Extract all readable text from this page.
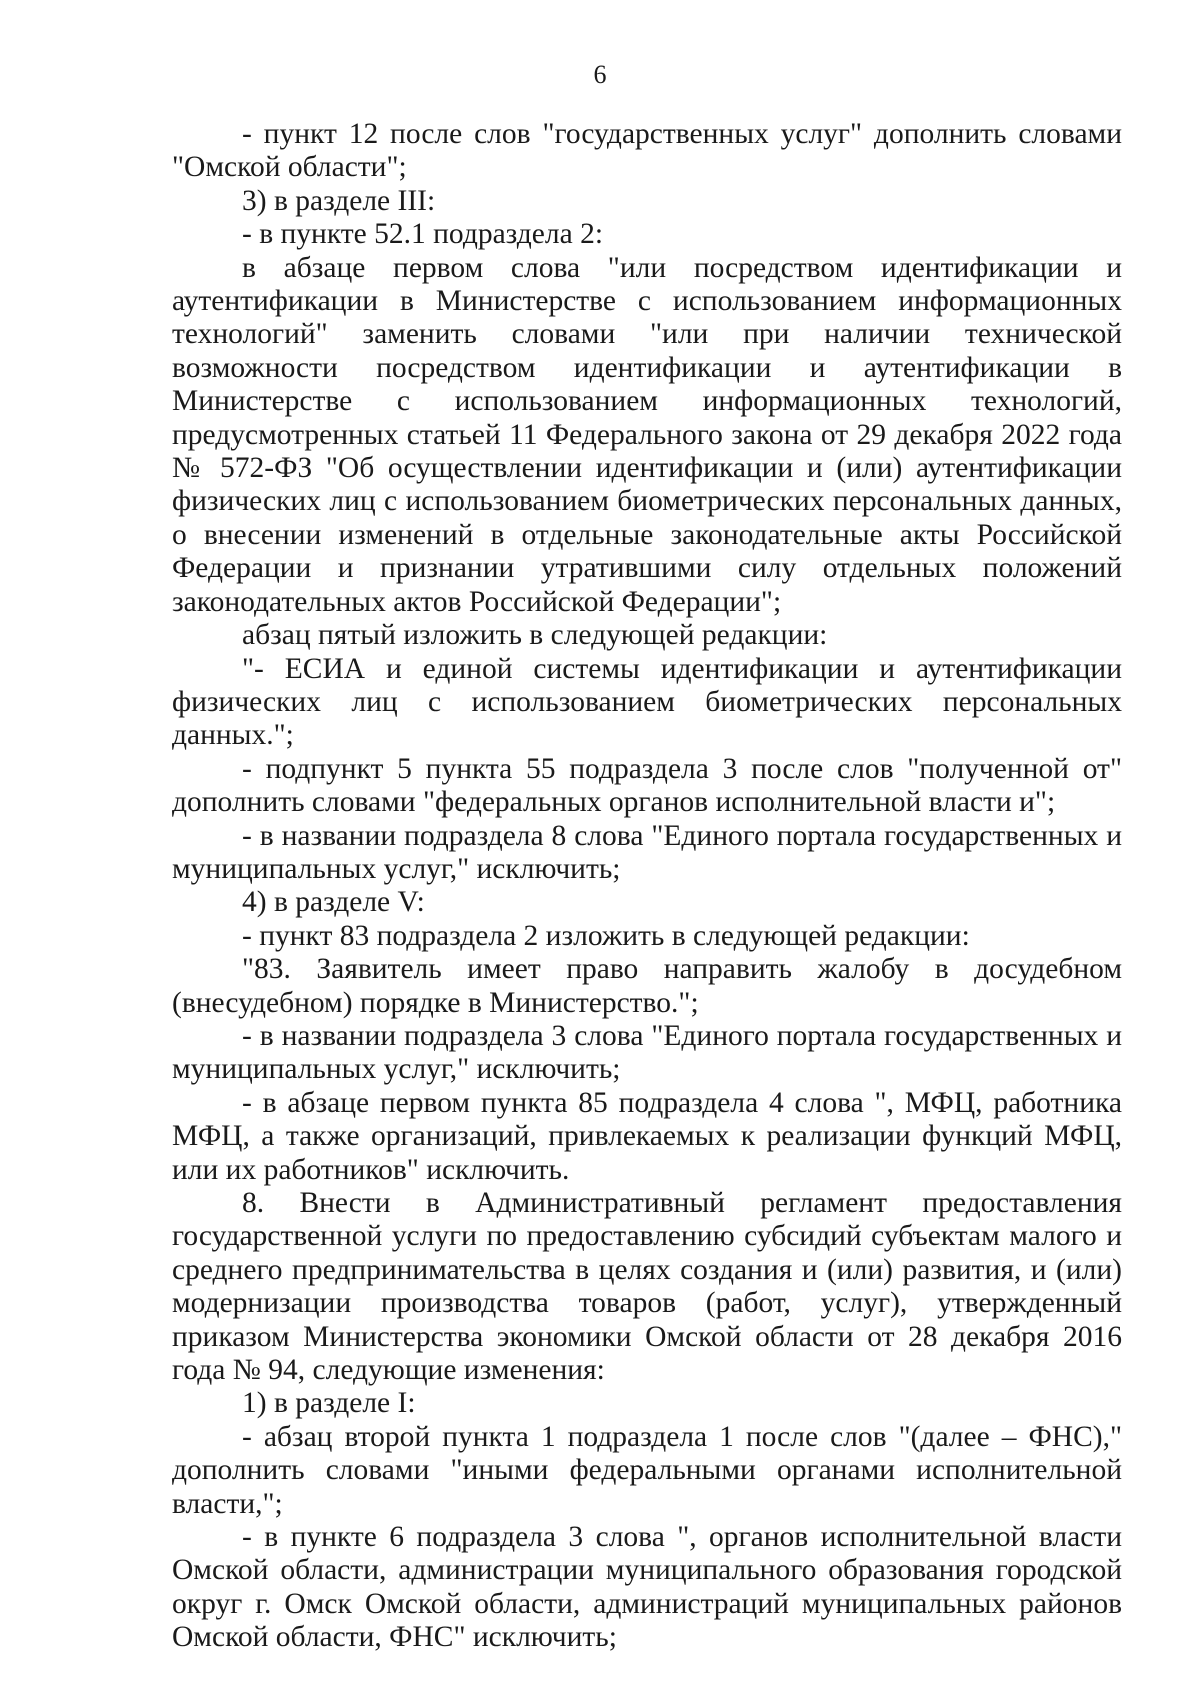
6

- пункт 12 после слов "государственных услуг" дополнить словами "Омской области";

3) в разделе III:

- в пункте 52.1 подраздела 2:

в абзаце первом слова "или посредством идентификации и аутентификации в Министерстве с использованием информационных технологий" заменить словами "или при наличии технической возможности посредством идентификации и аутентификации в Министерстве с использованием информационных технологий, предусмотренных статьей 11 Федерального закона от 29 декабря 2022 года № 572-ФЗ "Об осуществлении идентификации и (или) аутентификации физических лиц с использованием биометрических персональных данных, о внесении изменений в отдельные законодательные акты Российской Федерации и признании утратившими силу отдельных положений законодательных актов Российской Федерации";

абзац пятый изложить в следующей редакции:

"- ЕСИА и единой системы идентификации и аутентификации физических лиц с использованием биометрических персональных данных.";

- подпункт 5 пункта 55 подраздела 3 после слов "полученной от" дополнить словами "федеральных органов исполнительной власти и";

- в названии подраздела 8 слова "Единого портала государственных и муниципальных услуг," исключить;

4) в разделе V:

- пункт 83 подраздела 2 изложить в следующей редакции:

"83. Заявитель имеет право направить жалобу в досудебном (внесудебном) порядке в Министерство.";

- в названии подраздела 3 слова "Единого портала государственных и муниципальных услуг," исключить;

- в абзаце первом пункта 85 подраздела 4 слова ", МФЦ, работника МФЦ, а также организаций, привлекаемых к реализации функций МФЦ, или их работников" исключить.

8. Внести в Административный регламент предоставления государственной услуги по предоставлению субсидий субъектам малого и среднего предпринимательства в целях создания и (или) развития, и (или) модернизации производства товаров (работ, услуг), утвержденный приказом Министерства экономики Омской области от 28 декабря 2016 года № 94, следующие изменения:

1) в разделе I:

- абзац второй пункта 1 подраздела 1 после слов "(далее – ФНС)," дополнить словами "иными федеральными органами исполнительной власти,";

- в пункте 6 подраздела 3 слова ", органов исполнительной власти Омской области, администрации муниципального образования городской округ г. Омск Омской области, администраций муниципальных районов Омской области, ФНС" исключить;
